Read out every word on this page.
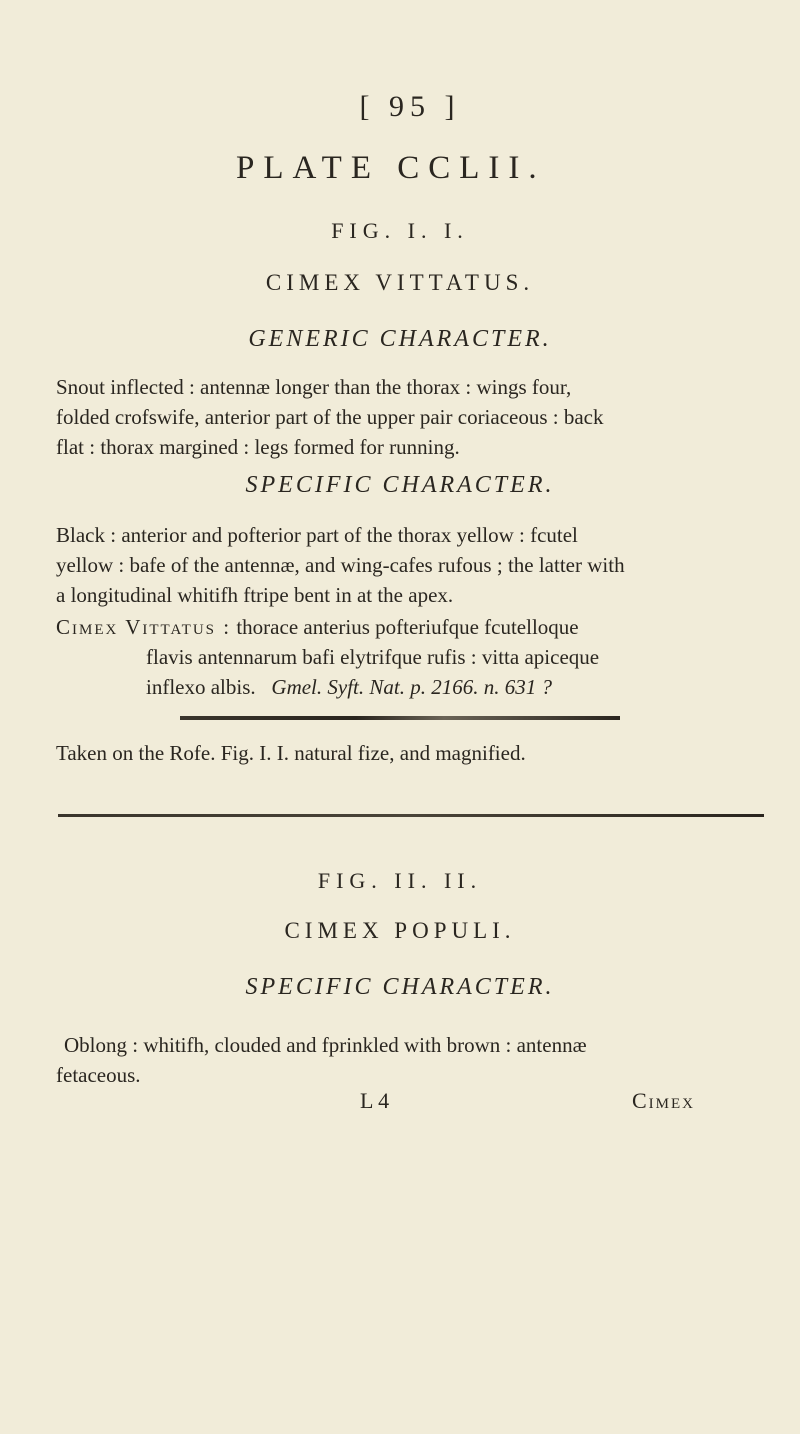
[ 95 ]
PLATE CCLII.
FIG. I. I.
CIMEX VITTATUS.
GENERIC CHARACTER.
Snout inflected : antennæ longer than the thorax : wings four,
folded crofswife, anterior part of the upper pair coriaceous : back
flat : thorax margined : legs formed for running.
SPECIFIC CHARACTER.
Black : anterior and pofterior part of the thorax yellow : fcutel
yellow : bafe of the antennæ, and wing-cafes rufous ; the latter with
a longitudinal whitifh ftripe bent in at the apex.
Cimex Vittatus : thorace anterius pofteriufque fcutelloque
flavis antennarum bafi elytrifque rufis : vitta apiceque
inflexo albis. Gmel. Syft. Nat. p. 2166. n. 631 ?
Taken on the Rofe. Fig. I. I. natural fize, and magnified.
FIG. II. II.
CIMEX POPULI.
SPECIFIC CHARACTER.
Oblong : whitifh, clouded and fprinkled with brown : antennæ
fetaceous.
L 4	Cimex
